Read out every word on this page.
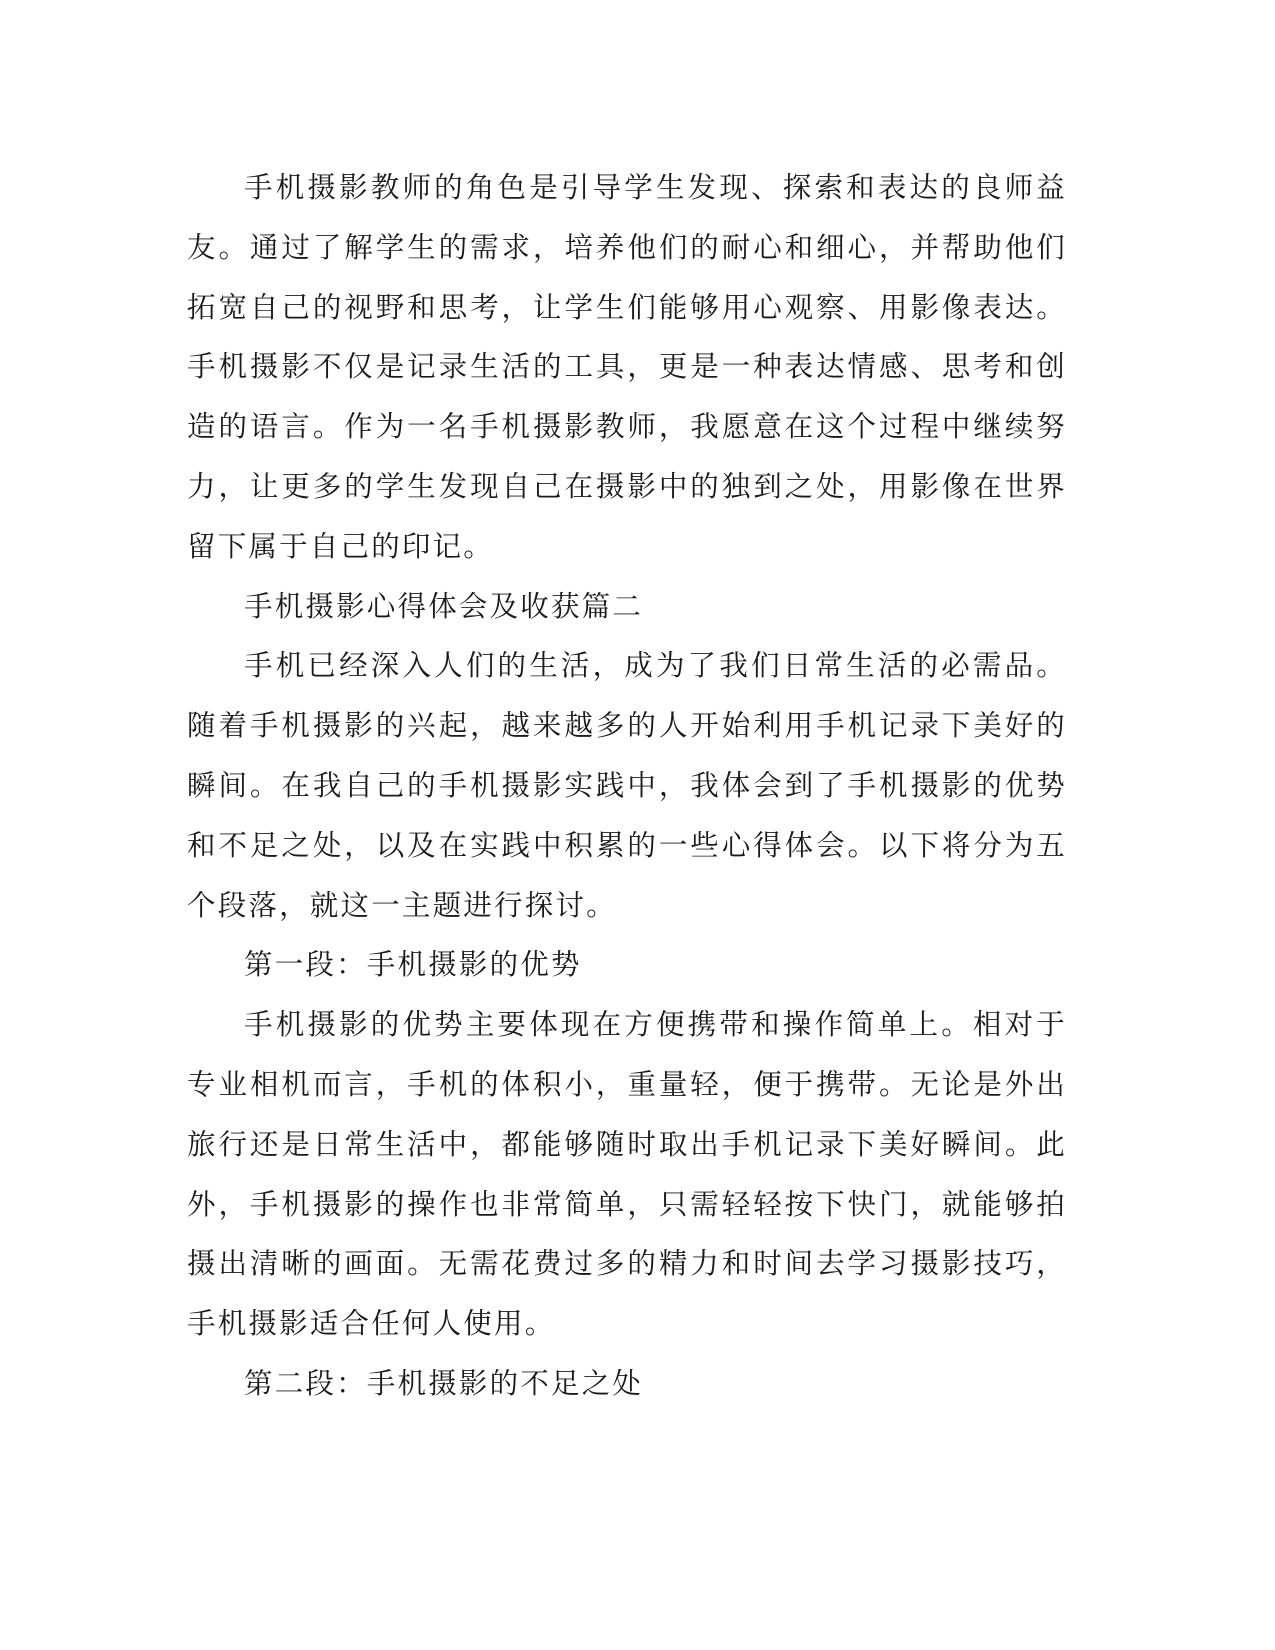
手机摄影教师的角色是引导学生发现、探索和表达的良师益友。通过了解学生的需求，培养他们的耐心和细心，并帮助他们拓宽自己的视野和思考，让学生们能够用心观察、用影像表达。手机摄影不仅是记录生活的工具，更是一种表达情感、思考和创造的语言。作为一名手机摄影教师，我愿意在这个过程中继续努力，让更多的学生发现自己在摄影中的独到之处，用影像在世界留下属于自己的印记。

手机摄影心得体会及收获篇二

手机已经深入人们的生活，成为了我们日常生活的必需品。随着手机摄影的兴起，越来越多的人开始利用手机记录下美好的瞬间。在我自己的手机摄影实践中，我体会到了手机摄影的优势和不足之处，以及在实践中积累的一些心得体会。以下将分为五个段落，就这一主题进行探讨。

第一段：手机摄影的优势

手机摄影的优势主要体现在方便携带和操作简单上。相对于专业相机而言，手机的体积小，重量轻，便于携带。无论是外出旅行还是日常生活中，都能够随时取出手机记录下美好瞬间。此外，手机摄影的操作也非常简单，只需轻轻按下快门，就能够拍摄出清晰的画面。无需花费过多的精力和时间去学习摄影技巧，手机摄影适合任何人使用。

第二段：手机摄影的不足之处
